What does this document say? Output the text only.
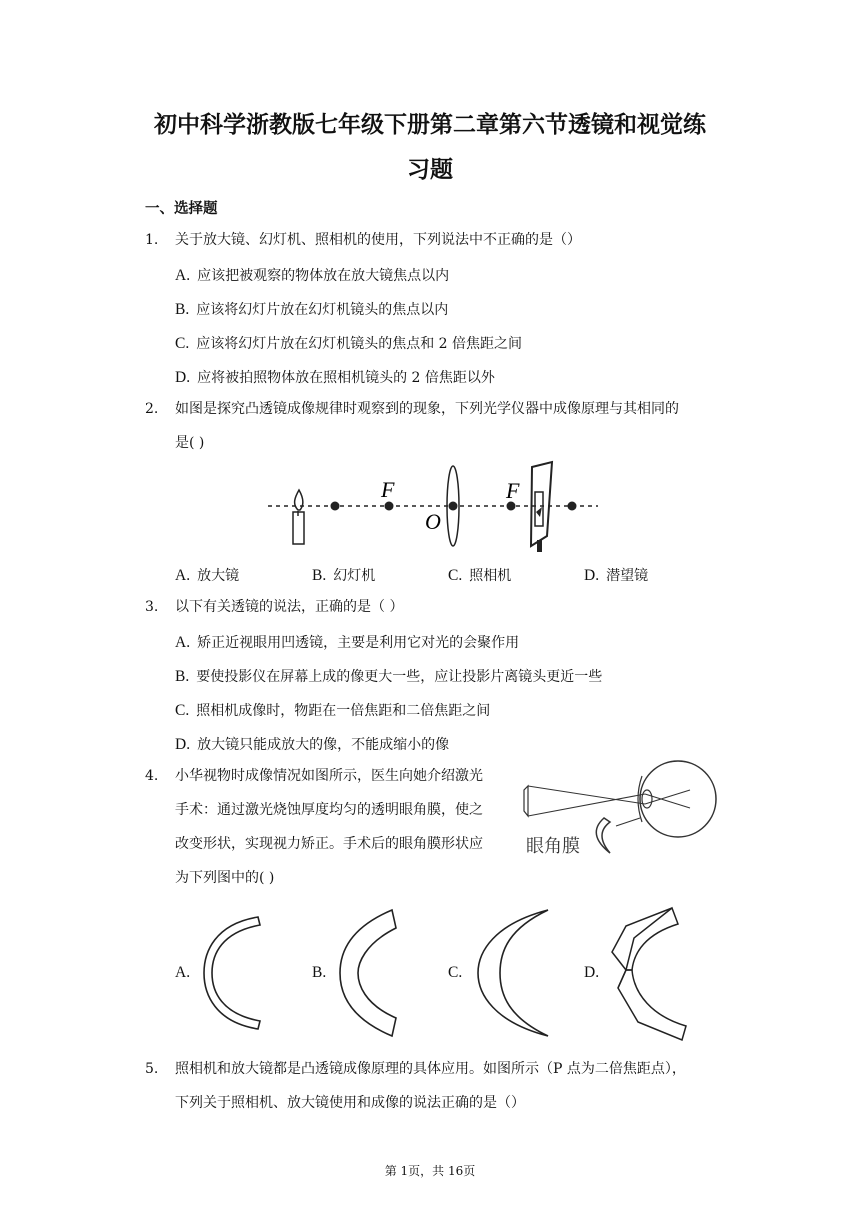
初中科学浙教版七年级下册第二章第六节透镜和视觉练
习题
一、选择题
1. 关于放大镜、幻灯机、照相机的使用，下列说法中不正确的是（）
A. 应该把被观察的物体放在放大镜焦点以内
B. 应该将幻灯片放在幻灯机镜头的焦点以内
C. 应该将幻灯片放在幻灯机镜头的焦点和 2 倍焦距之间
D. 应将被拍照物体放在照相机镜头的 2 倍焦距以外
2. 如图是探究凸透镜成像规律时观察到的现象，下列光学仪器中成像原理与其相同的
是( )
F
O
F
A. 放大镜	B. 幻灯机	C. 照相机	D. 潜望镜
3. 以下有关透镜的说法，正确的是（ ）
A. 矫正近视眼用凹透镜，主要是利用它对光的会聚作用
B. 要使投影仪在屏幕上成的像更大一些，应让投影片离镜头更近一些
C. 照相机成像时，物距在一倍焦距和二倍焦距之间
D. 放大镜只能成放大的像，不能成缩小的像
4. 小华视物时成像情况如图所示，医生向她介绍激光
手术：通过激光烧蚀厚度均匀的透明眼角膜，使之
改变形状，实现视力矫正。手术后的眼角膜形状应
为下列图中的( )
眼角膜
A.	B.	C.	D.
5. 照相机和放大镜都是凸透镜成像原理的具体应用。如图所示（P 点为二倍焦距点），
下列关于照相机、放大镜使用和成像的说法正确的是（）
第 1页，共 16页
